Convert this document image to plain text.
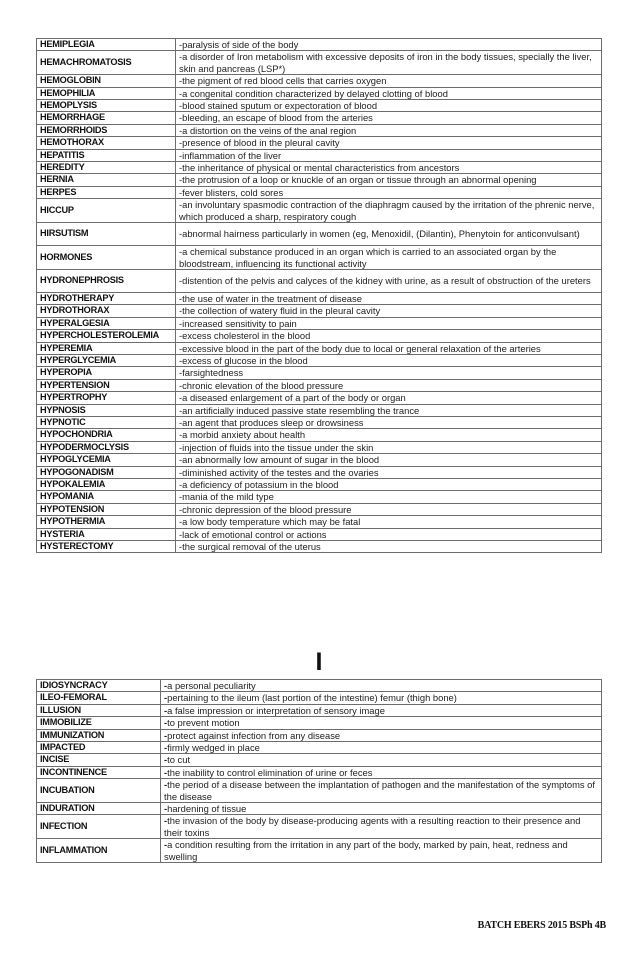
HEMIPLEGIA	-paralysis of side of the body
HEMACHROMATOSIS	-a disorder of Iron metabolism with excessive deposits of iron in the body tissues, specially the liver, skin and pancreas (LSP*)
HEMOGLOBIN	-the pigment of red blood cells that carries oxygen
HEMOPHILIA	-a congenital condition characterized by delayed clotting of blood
HEMOPLYSIS	-blood stained sputum or expectoration of blood
HEMORRHAGE	-bleeding, an escape of blood from the arteries
HEMORRHOIDS	-a distortion on the veins of the anal region
HEMOTHORAX	-presence of blood in the pleural cavity
HEPATITIS	-inflammation of the liver
HEREDITY	-the inheritance of physical or mental characteristics from ancestors
HERNIA	-the protrusion of a loop or knuckle of an organ or tissue through an abnormal opening
HERPES	-fever blisters, cold sores
HICCUP	-an involuntary spasmodic contraction of the diaphragm caused by the irritation of the phrenic nerve, which produced a sharp, respiratory cough
HIRSUTISM	-abnormal hairness particularly in women (eg, Menoxidil, (Dilantin), Phenytoin for anticonvulsant)
HORMONES	-a chemical substance produced in an organ which is carried to an associated organ by the bloodstream, influencing its functional activity
HYDRONEPHROSIS	-distention of the pelvis and calyces of the kidney with urine, as a result of obstruction of the ureters
HYDROTHERAPY	-the use of water in the treatment of disease
HYDROTHORAX	-the collection of watery fluid in the pleural cavity
HYPERALGESIA	-increased sensitivity to pain
HYPERCHOLESTEROLEMIA	-excess cholesterol in the blood
HYPEREMIA	-excessive blood in the part of the body due to local or general relaxation of the arteries
HYPERGLYCEMIA	-excess of glucose in the blood
HYPEROPIA	-farsightedness
HYPERTENSION	-chronic elevation of the blood pressure
HYPERTROPHY	-a diseased enlargement of a part of the body or organ
HYPNOSIS	-an artificially induced passive state resembling the trance
HYPNOTIC	-an agent that produces sleep or drowsiness
HYPOCHONDRIA	-a morbid anxiety about health
HYPODERMOCLYSIS	-injection of fluids into the tissue under the skin
HYPOGLYCEMIA	-an abnormally low amount of sugar in the blood
HYPOGONADISM	-diminished activity of the testes and the ovaries
HYPOKALEMIA	-a deficiency of potassium in the blood
HYPOMANIA	-mania of the mild type
HYPOTENSION	-chronic depression of the blood pressure
HYPOTHERMIA	-a low body temperature which may be fatal
HYSTERIA	-lack of emotional control or actions
HYSTERECTOMY	-the surgical removal of the uterus
I
IDIOSYNCRACY	-a personal peculiarity
ILEO-FEMORAL	-pertaining to the ileum (last portion of the intestine) femur (thigh bone)
ILLUSION	-a false impression or interpretation of sensory image
IMMOBILIZE	-to prevent motion
IMMUNIZATION	-protect against infection from any disease
IMPACTED	-firmly wedged in place
INCISE	-to cut
INCONTINENCE	-the inability to control elimination of urine or feces
INCUBATION	-the period of a disease between the implantation of pathogen and the manifestation of the symptoms of the disease
INDURATION	-hardening of tissue
INFECTION	-the invasion of the body by disease-producing agents with a resulting reaction to their presence and their toxins
INFLAMMATION	-a condition resulting from the irritation in any part of the body, marked by pain, heat, redness and swelling
BATCH EBERS 2015 BSPh 4B
